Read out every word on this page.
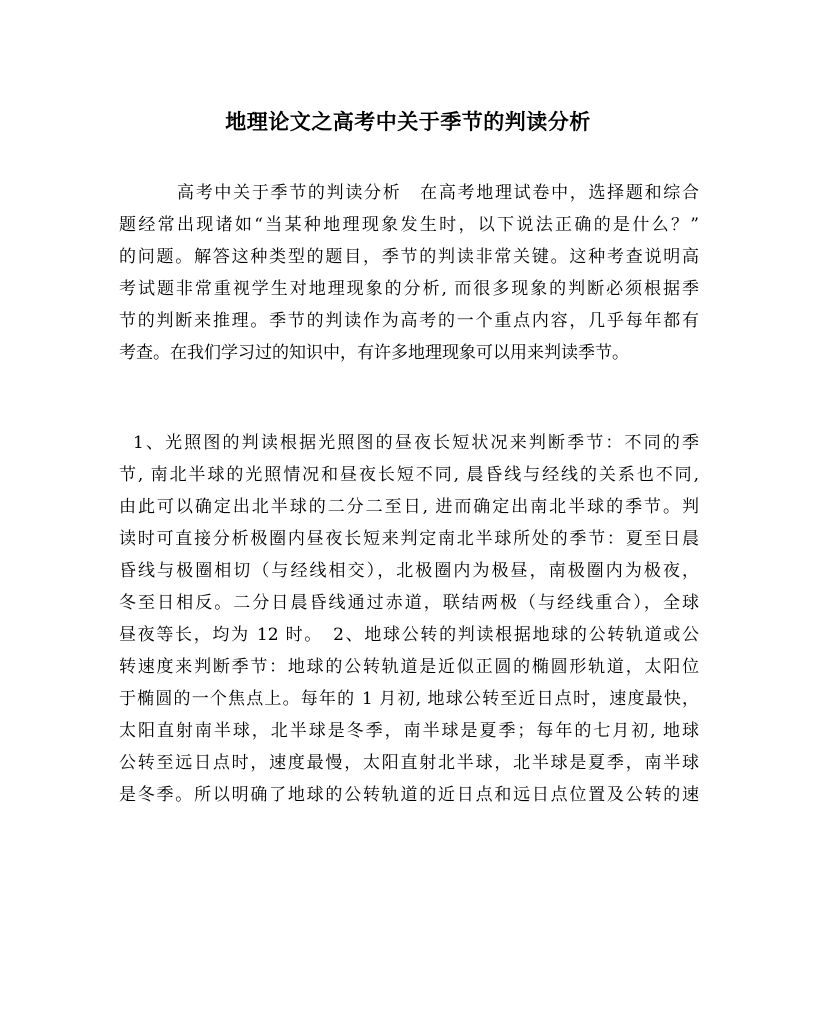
地理论文之高考中关于季节的判读分析
高考中关于季节的判读分析　在高考地理试卷中，选择题和综合
题经常出现诸如“当某种地理现象发生时，以下说法正确的是什么？”
的问题。解答这种类型的题目，季节的判读非常关键。这种考查说明高
考试题非常重视学生对地理现象的分析, 而很多现象的判断必须根据季
节的判断来推理。季节的判读作为高考的一个重点内容，几乎每年都有
考查。在我们学习过的知识中，有许多地理现象可以用来判读季节。
1、光照图的判读根据光照图的昼夜长短状况来判断季节：不同的季
节, 南北半球的光照情况和昼夜长短不同, 晨昏线与经线的关系也不同,
由此可以确定出北半球的二分二至日, 进而确定出南北半球的季节。判
读时可直接分析极圈内昼夜长短来判定南北半球所处的季节：夏至日晨
昏线与极圈相切（与经线相交），北极圈内为极昼，南极圈内为极夜，
冬至日相反。二分日晨昏线通过赤道，联结两极（与经线重合），全球
昼夜等长，均为 12 时。　2、地球公转的判读根据地球的公转轨道或公
转速度来判断季节：地球的公转轨道是近似正圆的椭圆形轨道，太阳位
于椭圆的一个焦点上。每年的 1 月初, 地球公转至近日点时，速度最快，
太阳直射南半球，北半球是冬季，南半球是夏季；每年的七月初, 地球
公转至远日点时，速度最慢，太阳直射北半球，北半球是夏季，南半球
是冬季。所以明确了地球的公转轨道的近日点和远日点位置及公转的速
